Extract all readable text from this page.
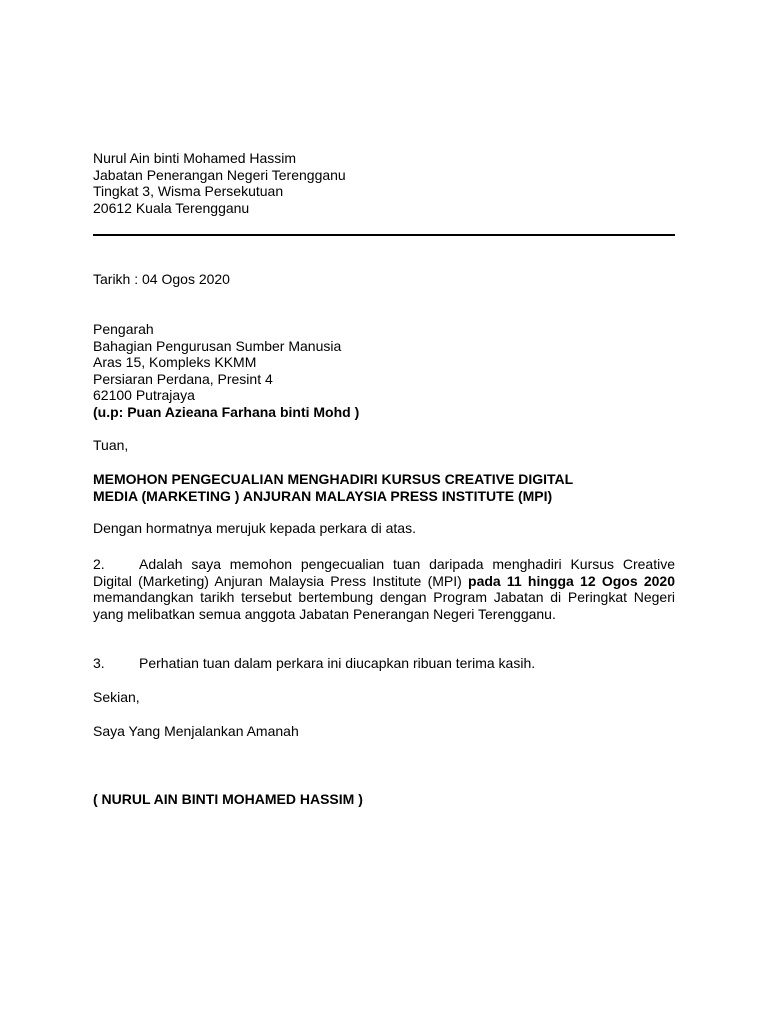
Nurul Ain binti Mohamed Hassim
Jabatan Penerangan Negeri Terengganu
Tingkat 3, Wisma Persekutuan
20612 Kuala Terengganu
Tarikh : 04 Ogos 2020
Pengarah
Bahagian Pengurusan Sumber Manusia
Aras 15, Kompleks KKMM
Persiaran Perdana, Presint 4
62100 Putrajaya
(u.p: Puan Azieana Farhana binti Mohd )
Tuan,
MEMOHON PENGECUALIAN MENGHADIRI KURSUS CREATIVE DIGITAL
MEDIA (MARKETING ) ANJURAN MALAYSIA PRESS INSTITUTE (MPI)
Dengan hormatnya merujuk kepada perkara di atas.
2. Adalah saya memohon pengecualian tuan daripada menghadiri Kursus Creative Digital (Marketing) Anjuran Malaysia Press Institute (MPI) pada 11 hingga 12 Ogos 2020 memandangkan tarikh tersebut bertembung dengan Program Jabatan di Peringkat Negeri yang melibatkan semua anggota Jabatan Penerangan Negeri Terengganu.
3. Perhatian tuan dalam perkara ini diucapkan ribuan terima kasih.
Sekian,
Saya Yang Menjalankan Amanah
( NURUL AIN BINTI MOHAMED HASSIM )
